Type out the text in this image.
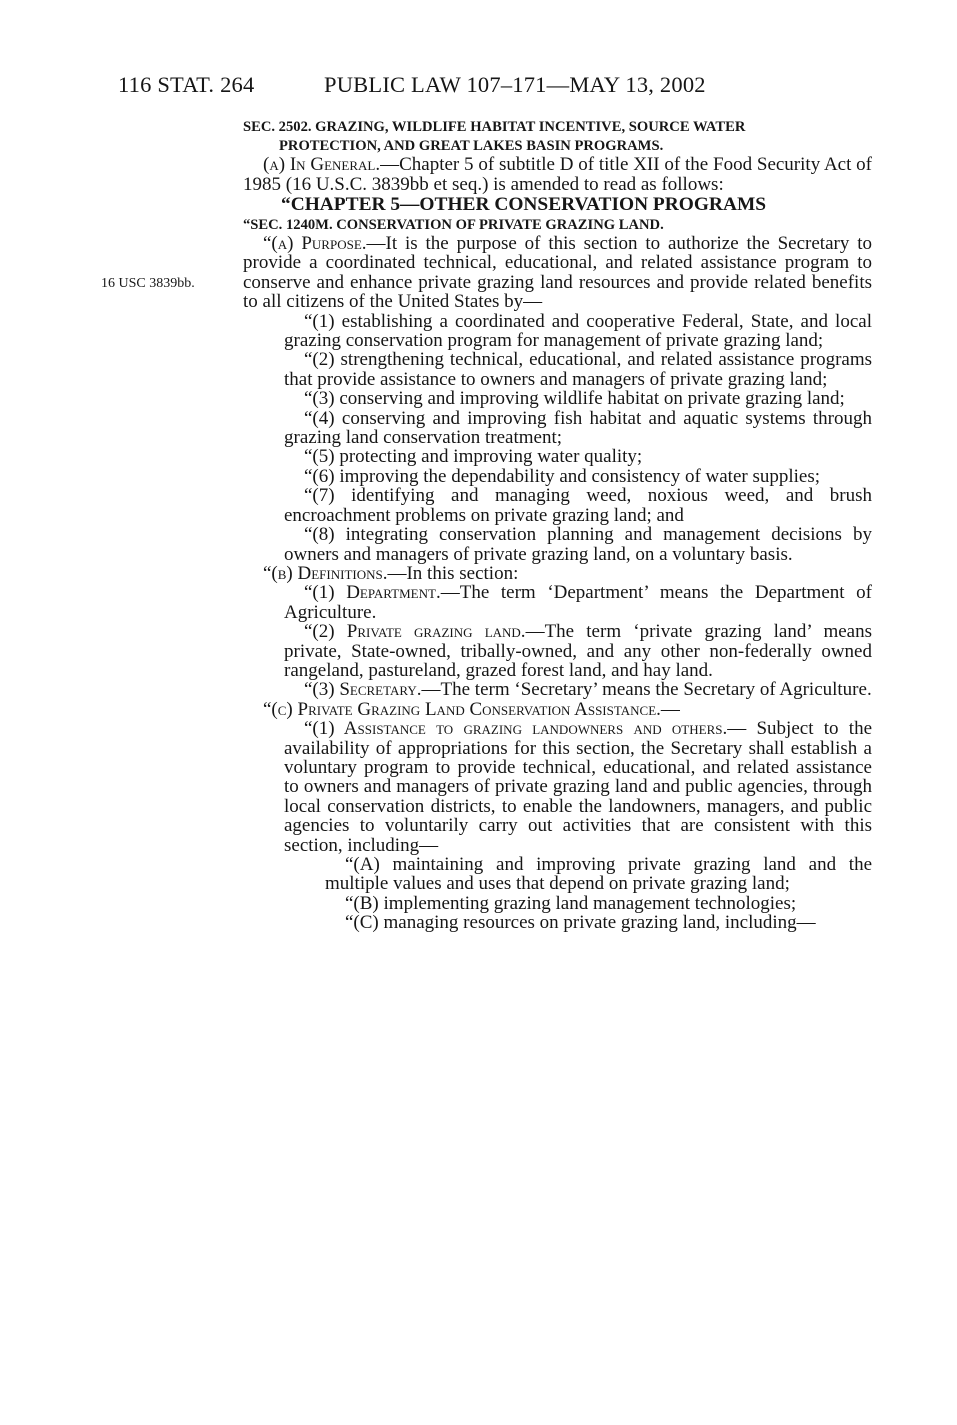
116 STAT. 264	PUBLIC LAW 107–171—MAY 13, 2002
16 USC 3839bb.

SEC. 2502. GRAZING, WILDLIFE HABITAT INCENTIVE, SOURCE WATER
PROTECTION, AND GREAT LAKES BASIN PROGRAMS.

(a) In General.—Chapter 5 of subtitle D of title XII of the Food Security Act of 1985 (16 U.S.C. 3839bb et seq.) is amended to read as follows:

“CHAPTER 5—OTHER CONSERVATION PROGRAMS

“SEC. 1240M. CONSERVATION OF PRIVATE GRAZING LAND.

“(a) Purpose.—It is the purpose of this section to authorize the Secretary to provide a coordinated technical, educational, and related assistance program to conserve and enhance private grazing land resources and provide related benefits to all citizens of the United States by—

“(1) establishing a coordinated and cooperative Federal, State, and local grazing conservation program for management of private grazing land;

“(2) strengthening technical, educational, and related assistance programs that provide assistance to owners and managers of private grazing land;

“(3) conserving and improving wildlife habitat on private grazing land;

“(4) conserving and improving fish habitat and aquatic systems through grazing land conservation treatment;

“(5) protecting and improving water quality;

“(6) improving the dependability and consistency of water supplies;

“(7) identifying and managing weed, noxious weed, and brush encroachment problems on private grazing land; and

“(8) integrating conservation planning and management decisions by owners and managers of private grazing land, on a voluntary basis.

“(b) Definitions.—In this section:

“(1) Department.—The term ‘Department’ means the Department of Agriculture.

“(2) Private grazing land.—The term ‘private grazing land’ means private, State-owned, tribally-owned, and any other non-federally owned rangeland, pastureland, grazed forest land, and hay land.

“(3) Secretary.—The term ‘Secretary’ means the Secretary of Agriculture.

“(c) Private Grazing Land Conservation Assistance.—

“(1) Assistance to grazing landowners and others.— Subject to the availability of appropriations for this section, the Secretary shall establish a voluntary program to provide technical, educational, and related assistance to owners and managers of private grazing land and public agencies, through local conservation districts, to enable the landowners, managers, and public agencies to voluntarily carry out activities that are consistent with this section, including—

“(A) maintaining and improving private grazing land and the multiple values and uses that depend on private grazing land;

“(B) implementing grazing land management technologies;

“(C) managing resources on private grazing land, including—
